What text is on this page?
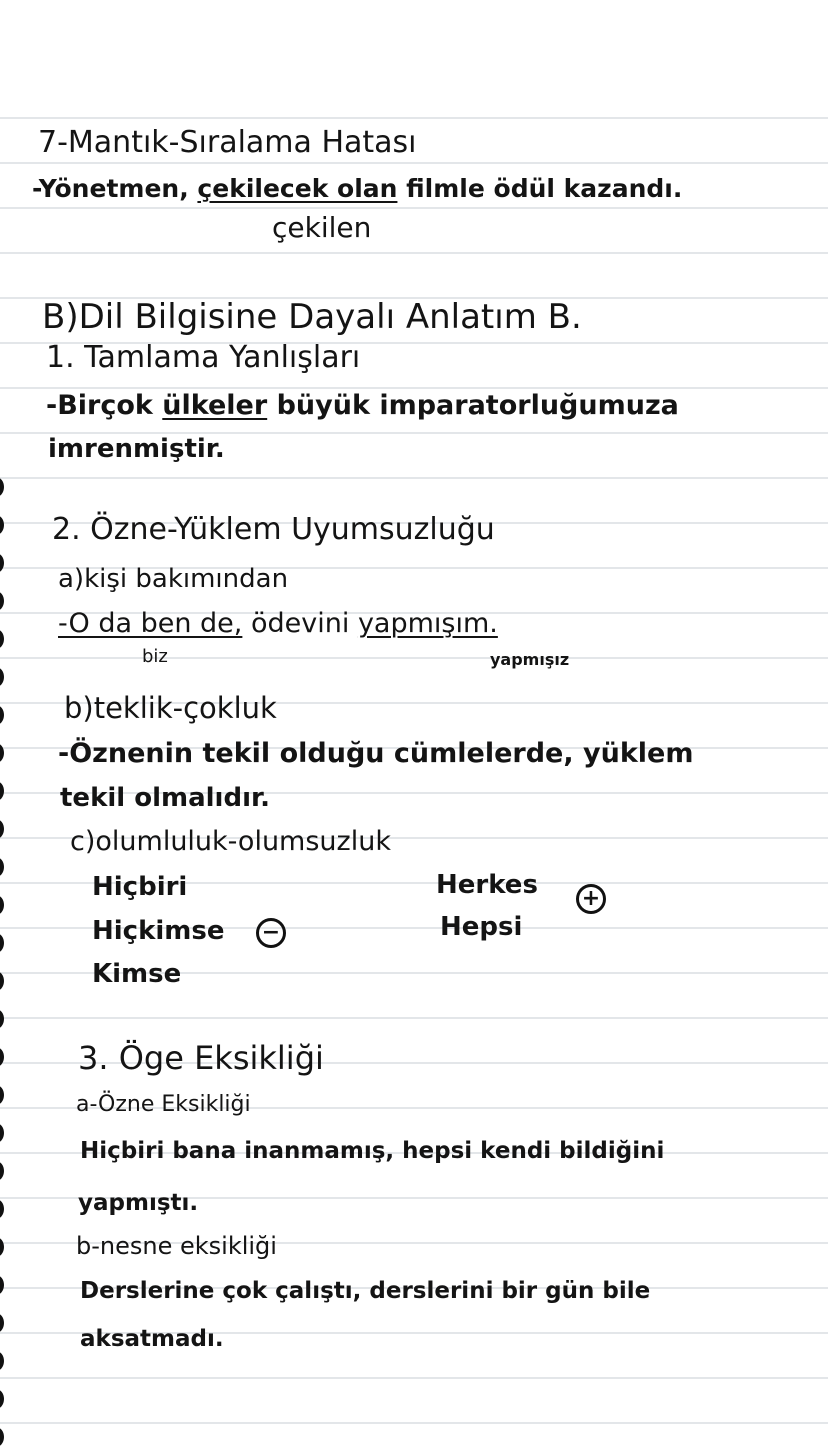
7-Mantık-Sıralama Hatası
-Yönetmen, çekilecek olan filmle ödül kazandı.
çekilen
B)Dil Bilgisine Dayalı Anlatım B.
1. Tamlama Yanlışları
-Birçok ülkeler büyük imparatorluğumuza
imrenmiştir.
2. Özne-Yüklem Uyumsuzluğu
a)kişi bakımından
-O da ben de, ödevini yapmışım.
biz	yapmışız
b)teklik-çokluk
-Öznenin tekil olduğu cümlelerde, yüklem
tekil olmalıdır.
c)olumluluk-olumsuzluk
Hiçbiri
Hiçkimse
Kimse
−
Herkes
Hepsi
+
3. Öge Eksikliği
a-Özne Eksikliği
Hiçbiri bana inanmamış, hepsi kendi bildiğini
yapmıştı.
b-nesne eksikliği
Derslerine çok çalıştı, derslerini bir gün bile
aksatmadı.
